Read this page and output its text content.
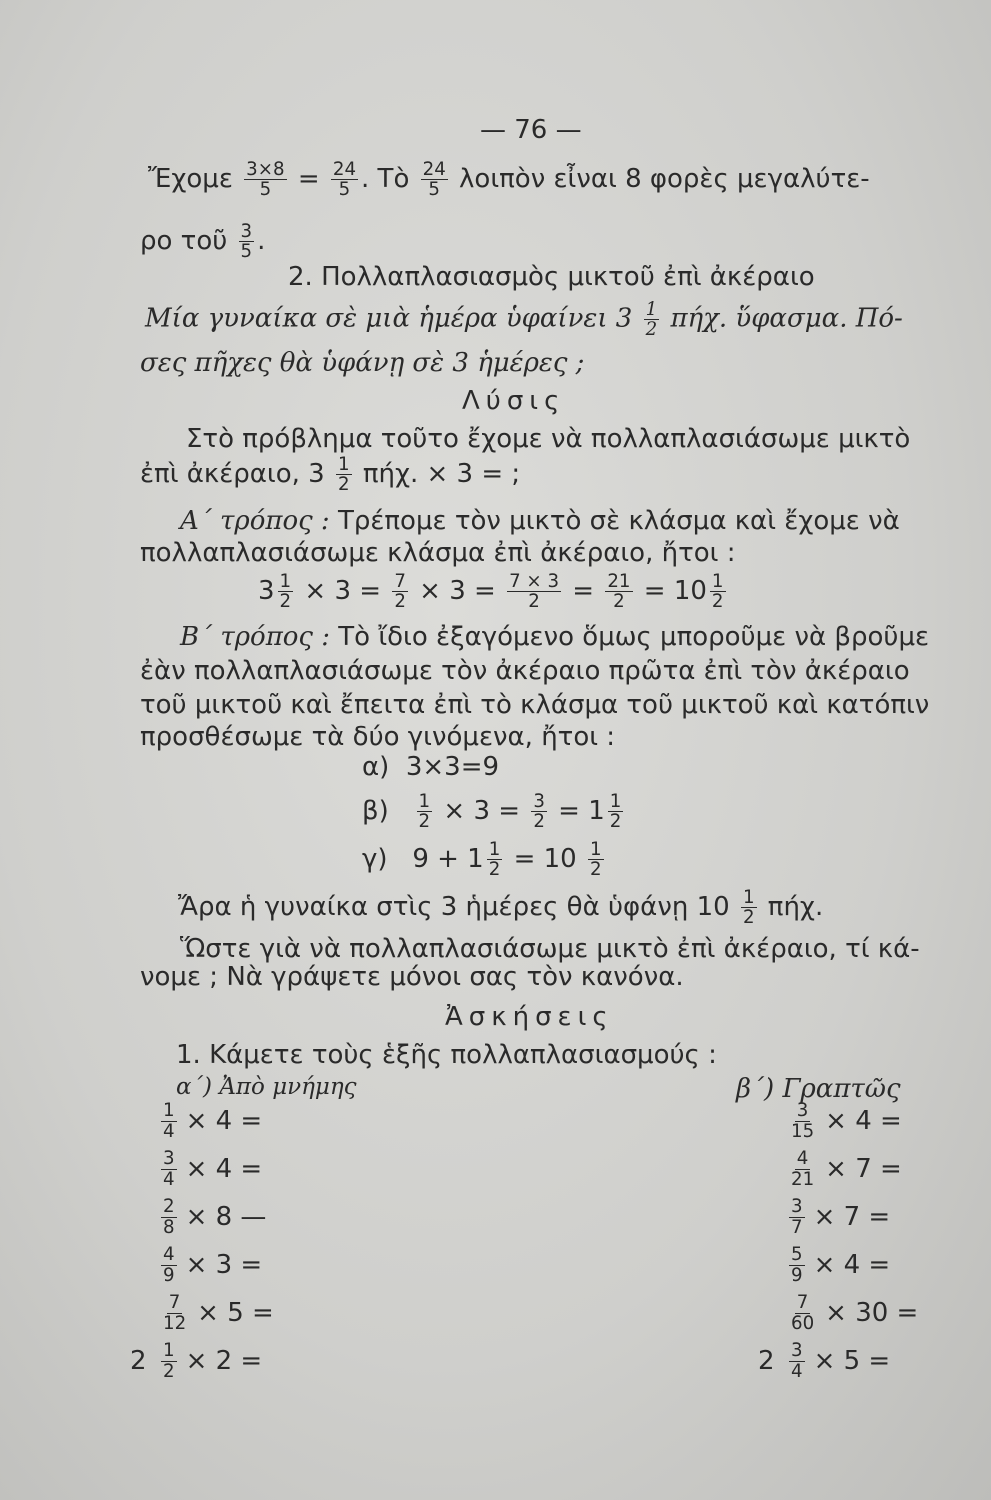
— 76 —
Ἔχομε $\frac{3\times 8}{5} = \frac{24}{5}$ . Τὸ $\frac{24}{5}$ λοιπὸν εἶναι 8 φορὲς μεγαλύτε-
ρο τοῦ $\frac{3}{5}$ .
2. Πολλαπλασιασμὸς μικτοῦ ἐπὶ ἀκέραιο
Μία γυναίκα σὲ μιὰ ἡμέρα ὑφαίνει $3 \frac{1}{2} \pi ή\chi$. ὕφασμα. Πό-
σες πῆχες θὰ ὑφάνῃ σὲ 3 ἡμέρες ;
Λύσις
Στὸ πρόβλημα τοῦτο ἔχομε νὰ πολλαπλασιάσωμε μικτὸ
ἐπὶ ἀκέραιο, $3 \frac{1}{2} \pi ή\chi$. × 3 = ;
Α΄ τρόπος : Τρέπομε τὸν μικτὸ σὲ κλάσμα καὶ ἔχομε νὰ
πολλαπλασιάσωμε κλάσμα ἐπὶ ἀκέραιο, ἤτοι :
$3 \frac{1}{2} \times 3 = \frac{7}{2} \times 3 = \frac{7 \times 3}{2} = \frac{21}{2} = 10 \frac{1}{2}$
Β΄ τρόπος : Τὸ ἴδιο ἐξαγόμενο ὅμως μποροῦμε νὰ βροῦμε
ἐὰν πολλαπλασιάσωμε τὸν ἀκέραιο πρῶτα ἐπὶ τὸν ἀκέραιο
τοῦ μικτοῦ καὶ ἔπειτα ἐπὶ τὸ κλάσμα τοῦ μικτοῦ καὶ κατόπιν
προσθέσωμε τὰ δύο γινόμενα, ἤτοι :
α) 3×3=9
$\beta) \frac{1}{2} \times 3 = \frac{3}{2} = 1 \frac{1}{2}$
γ) $9 + 1 \frac{1}{2} = 10 \frac{1}{2}$
Ἄρα ἡ γυναίκα στὶς 3 ἡμέρες θὰ ὑφάνῃ $10 \frac{1}{2} \pi ή\chi$.
Ὥστε γιὰ νὰ πολλαπλασιάσωμε μικτὸ ἐπὶ ἀκέραιο, τί κά-
νομε ; Νὰ γράψετε μόνοι σας τὸν κανόνα.
Ἀσκήσεις
1. Κάμετε τοὺς ἑξῆς πολλαπλασιασμούς :
α΄) Ἀπὸ μνήμης	β΄) Γραπτῶς
$\frac{1}{4} \times 4$ =
$\frac{3}{4} \times 4$ =
$\frac{2}{8} \times 8$ —
$\frac{4}{9} \times 3$ =
$\frac{7}{12} \times 5$ =
$2 \frac{1}{2} \times 2$ =
$\frac{3}{15} \times 4$ =
$\frac{4}{21} \times 7$ =
$\frac{3}{7} \times 7$ =
$\frac{5}{9} \times 4$ =
$\frac{7}{60} \times 30$ =
$2 \frac{3}{4} \times 5$ =
